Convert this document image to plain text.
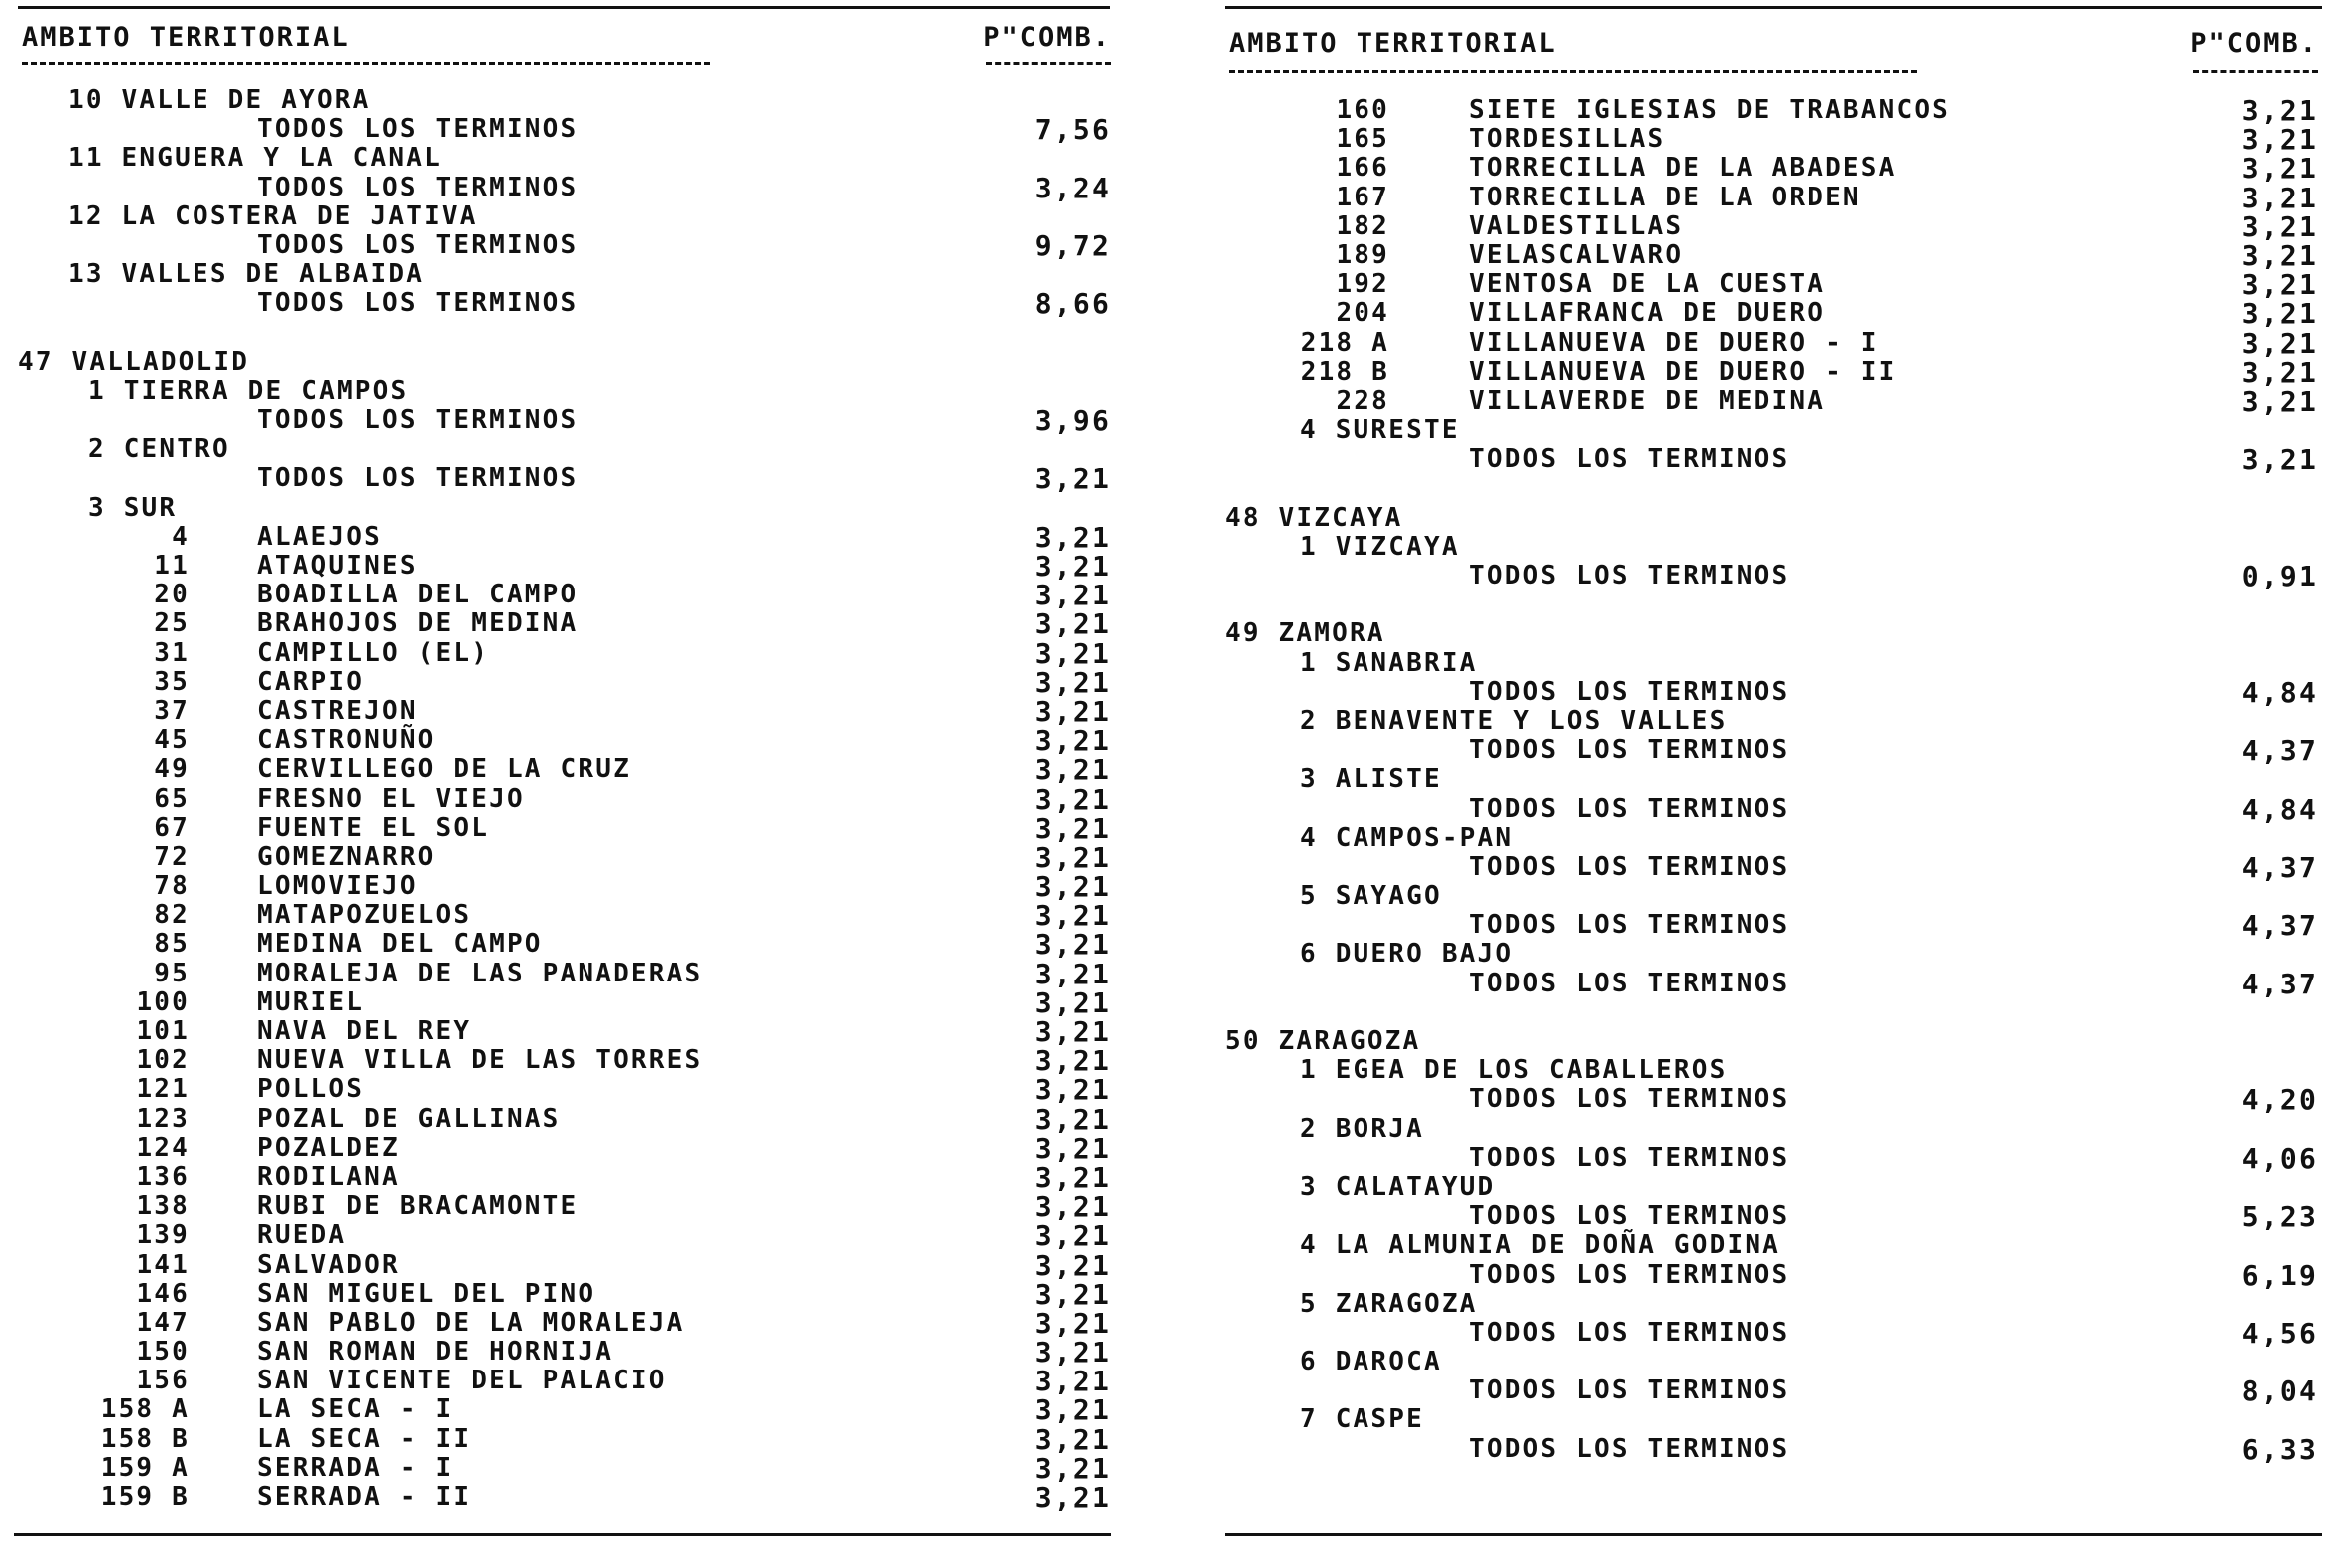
AMBITO TERRITORIAL	P"COMB.
10 VALLE DE AYORA
TODOS LOS TERMINOS	7,56
11 ENGUERA Y LA CANAL
TODOS LOS TERMINOS	3,24
12 LA COSTERA DE JATIVA
TODOS LOS TERMINOS	9,72
13 VALLES DE ALBAIDA
TODOS LOS TERMINOS	8,66
47 VALLADOLID
1 TIERRA DE CAMPOS
TODOS LOS TERMINOS	3,96
2 CENTRO
TODOS LOS TERMINOS	3,21
3 SUR
4	ALAEJOS	3,21
11	ATAQUINES	3,21
20	BOADILLA DEL CAMPO	3,21
25	BRAHOJOS DE MEDINA	3,21
31	CAMPILLO (EL)	3,21
35	CARPIO	3,21
37	CASTREJON	3,21
45	CASTRONUÑO	3,21
49	CERVILLEGO DE LA CRUZ	3,21
65	FRESNO EL VIEJO	3,21
67	FUENTE EL SOL	3,21
72	GOMEZNARRO	3,21
78	LOMOVIEJO	3,21
82	MATAPOZUELOS	3,21
85	MEDINA DEL CAMPO	3,21
95	MORALEJA DE LAS PANADERAS	3,21
100	MURIEL	3,21
101	NAVA DEL REY	3,21
102	NUEVA VILLA DE LAS TORRES	3,21
121	POLLOS	3,21
123	POZAL DE GALLINAS	3,21
124	POZALDEZ	3,21
136	RODILANA	3,21
138	RUBI DE BRACAMONTE	3,21
139	RUEDA	3,21
141	SALVADOR	3,21
146	SAN MIGUEL DEL PINO	3,21
147	SAN PABLO DE LA MORALEJA	3,21
150	SAN ROMAN DE HORNIJA	3,21
156	SAN VICENTE DEL PALACIO	3,21
158 A	LA SECA - I	3,21
158 B	LA SECA - II	3,21
159 A	SERRADA - I	3,21
159 B	SERRADA - II	3,21
AMBITO TERRITORIAL	P"COMB.
160	SIETE IGLESIAS DE TRABANCOS	3,21
165	TORDESILLAS	3,21
166	TORRECILLA DE LA ABADESA	3,21
167	TORRECILLA DE LA ORDEN	3,21
182	VALDESTILLAS	3,21
189	VELASCALVARO	3,21
192	VENTOSA DE LA CUESTA	3,21
204	VILLAFRANCA DE DUERO	3,21
218 A	VILLANUEVA DE DUERO - I	3,21
218 B	VILLANUEVA DE DUERO - II	3,21
228	VILLAVERDE DE MEDINA	3,21
4 SURESTE
TODOS LOS TERMINOS	3,21
48 VIZCAYA
1 VIZCAYA
TODOS LOS TERMINOS	0,91
49 ZAMORA
1 SANABRIA
TODOS LOS TERMINOS	4,84
2 BENAVENTE Y LOS VALLES
TODOS LOS TERMINOS	4,37
3 ALISTE
TODOS LOS TERMINOS	4,84
4 CAMPOS-PAN
TODOS LOS TERMINOS	4,37
5 SAYAGO
TODOS LOS TERMINOS	4,37
6 DUERO BAJO
TODOS LOS TERMINOS	4,37
50 ZARAGOZA
1 EGEA DE LOS CABALLEROS
TODOS LOS TERMINOS	4,20
2 BORJA
TODOS LOS TERMINOS	4,06
3 CALATAYUD
TODOS LOS TERMINOS	5,23
4 LA ALMUNIA DE DOÑA GODINA
TODOS LOS TERMINOS	6,19
5 ZARAGOZA
TODOS LOS TERMINOS	4,56
6 DAROCA
TODOS LOS TERMINOS	8,04
7 CASPE
TODOS LOS TERMINOS	6,33
